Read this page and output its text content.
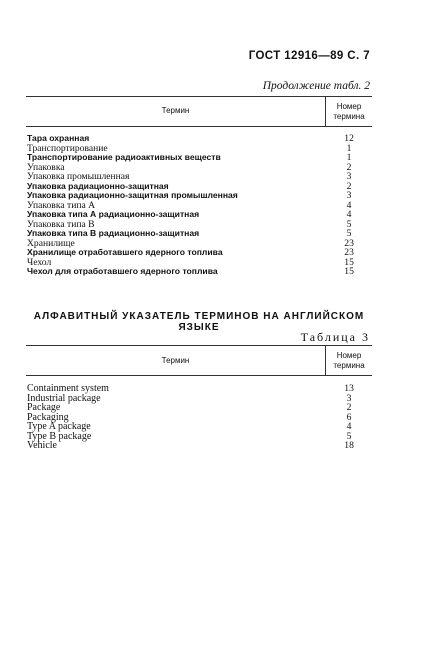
ГОСТ 12916—89 С. 7
Продолжение табл. 2
Термин	Номер
термина
Тара охранная	12
Транспортирование	1
Транспортирование радиоактивных веществ	1
Упаковка	2
Упаковка промышленная	3
Упаковка радиационно-защитная	2
Упаковка радиационно-защитная промышленная	3
Упаковка типа А	4
Упаковка типа А радиационно-защитная	4
Упаковка типа В	5
Упаковка типа В радиационно-защитная	5
Хранилище	23
Хранилище отработавшего ядерного топлива	23
Чехол	15
Чехол для отработавшего ядерного топлива	15
АЛФАВИТНЫЙ УКАЗАТЕЛЬ ТЕРМИНОВ НА АНГЛИЙСКОМ ЯЗЫКЕ
Таблица 3
Термин
Номер
термина
Containment system	13
Industrial package	3
Package	2
Packaging	6
Type A package	4
Type B package	5
Vehicle	18
